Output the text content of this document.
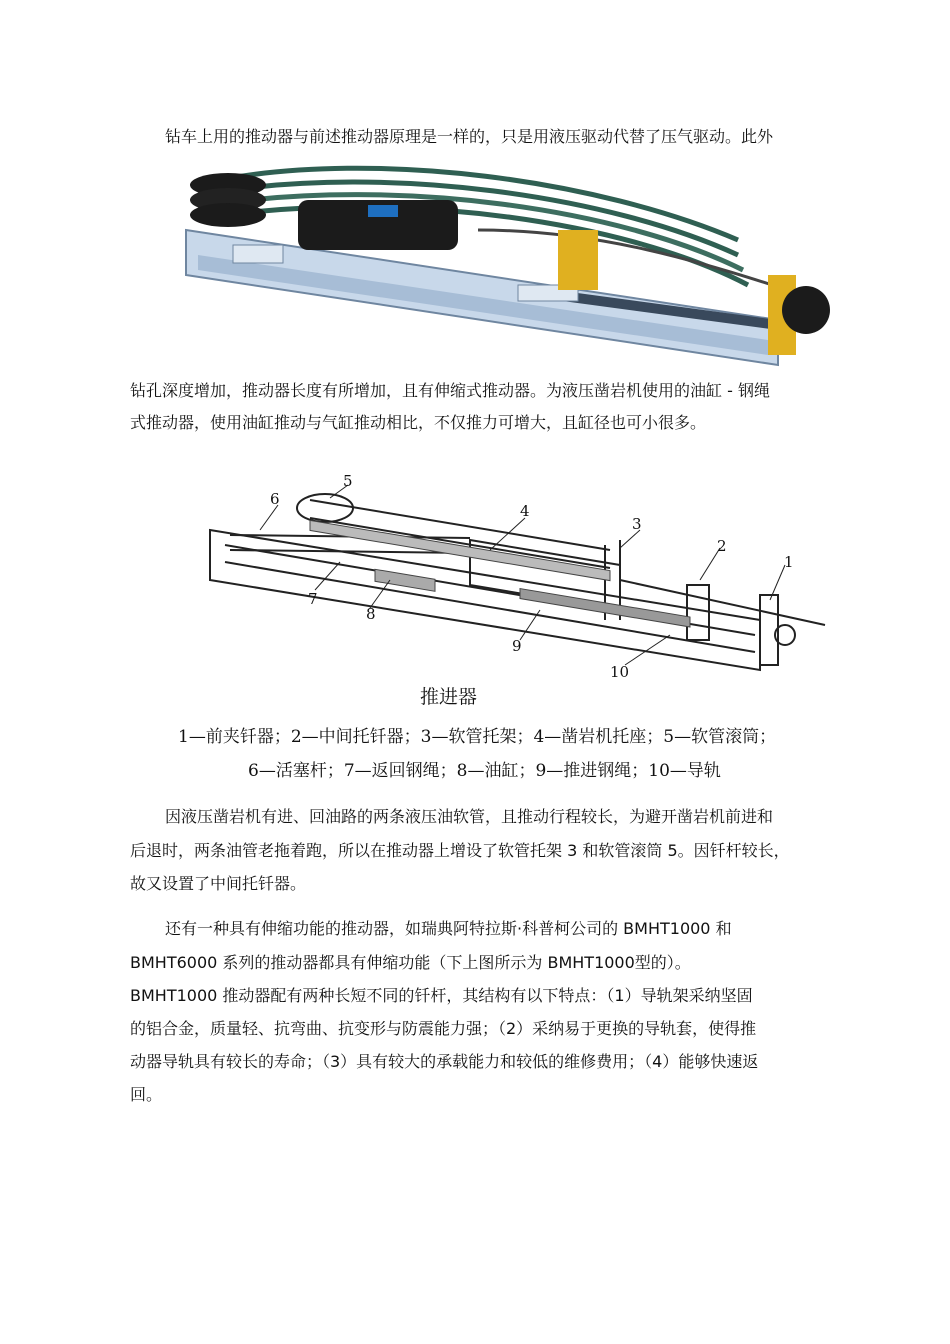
钻车上用的推动器与前述推动器原理是一样的，只是用液压驱动代替了压气驱动。此外
钻孔深度增加，推动器长度有所增加，且有伸缩式推动器。为液压凿岩机使用的油缸 - 钢绳
式推动器，使用油缸推动与气缸推动相比，不仅推力可增大，且缸径也可小很多。
1
2
3
4
5
6
7
8
9
10
推进器
1—前夹钎器；2—中间托钎器；3—软管托架；4—凿岩机托座；5—软管滚筒；
6—活塞杆；7—返回钢绳；8—油缸；9—推进钢绳；10—导轨
因液压凿岩机有进、回油路的两条液压油软管，且推动行程较长，为避开凿岩机前进和
后退时，两条油管老拖着跑，所以在推动器上增设了软管托架 3 和软管滚筒 5。因钎杆较长，
故又设置了中间托钎器。
还有一种具有伸缩功能的推动器，如瑞典阿特拉斯·科普柯公司的 BMHT1000 和
BMHT6000 系列的推动器都具有伸缩功能（下上图所示为 BMHT1000型的）。
BMHT1000 推动器配有两种长短不同的钎杆，其结构有以下特点：（1）导轨架采纳坚固
的铝合金，质量轻、抗弯曲、抗变形与防震能力强；（2）采纳易于更换的导轨套，使得推
动器导轨具有较长的寿命；（3）具有较大的承载能力和较低的维修费用；（4）能够快速返
回。
